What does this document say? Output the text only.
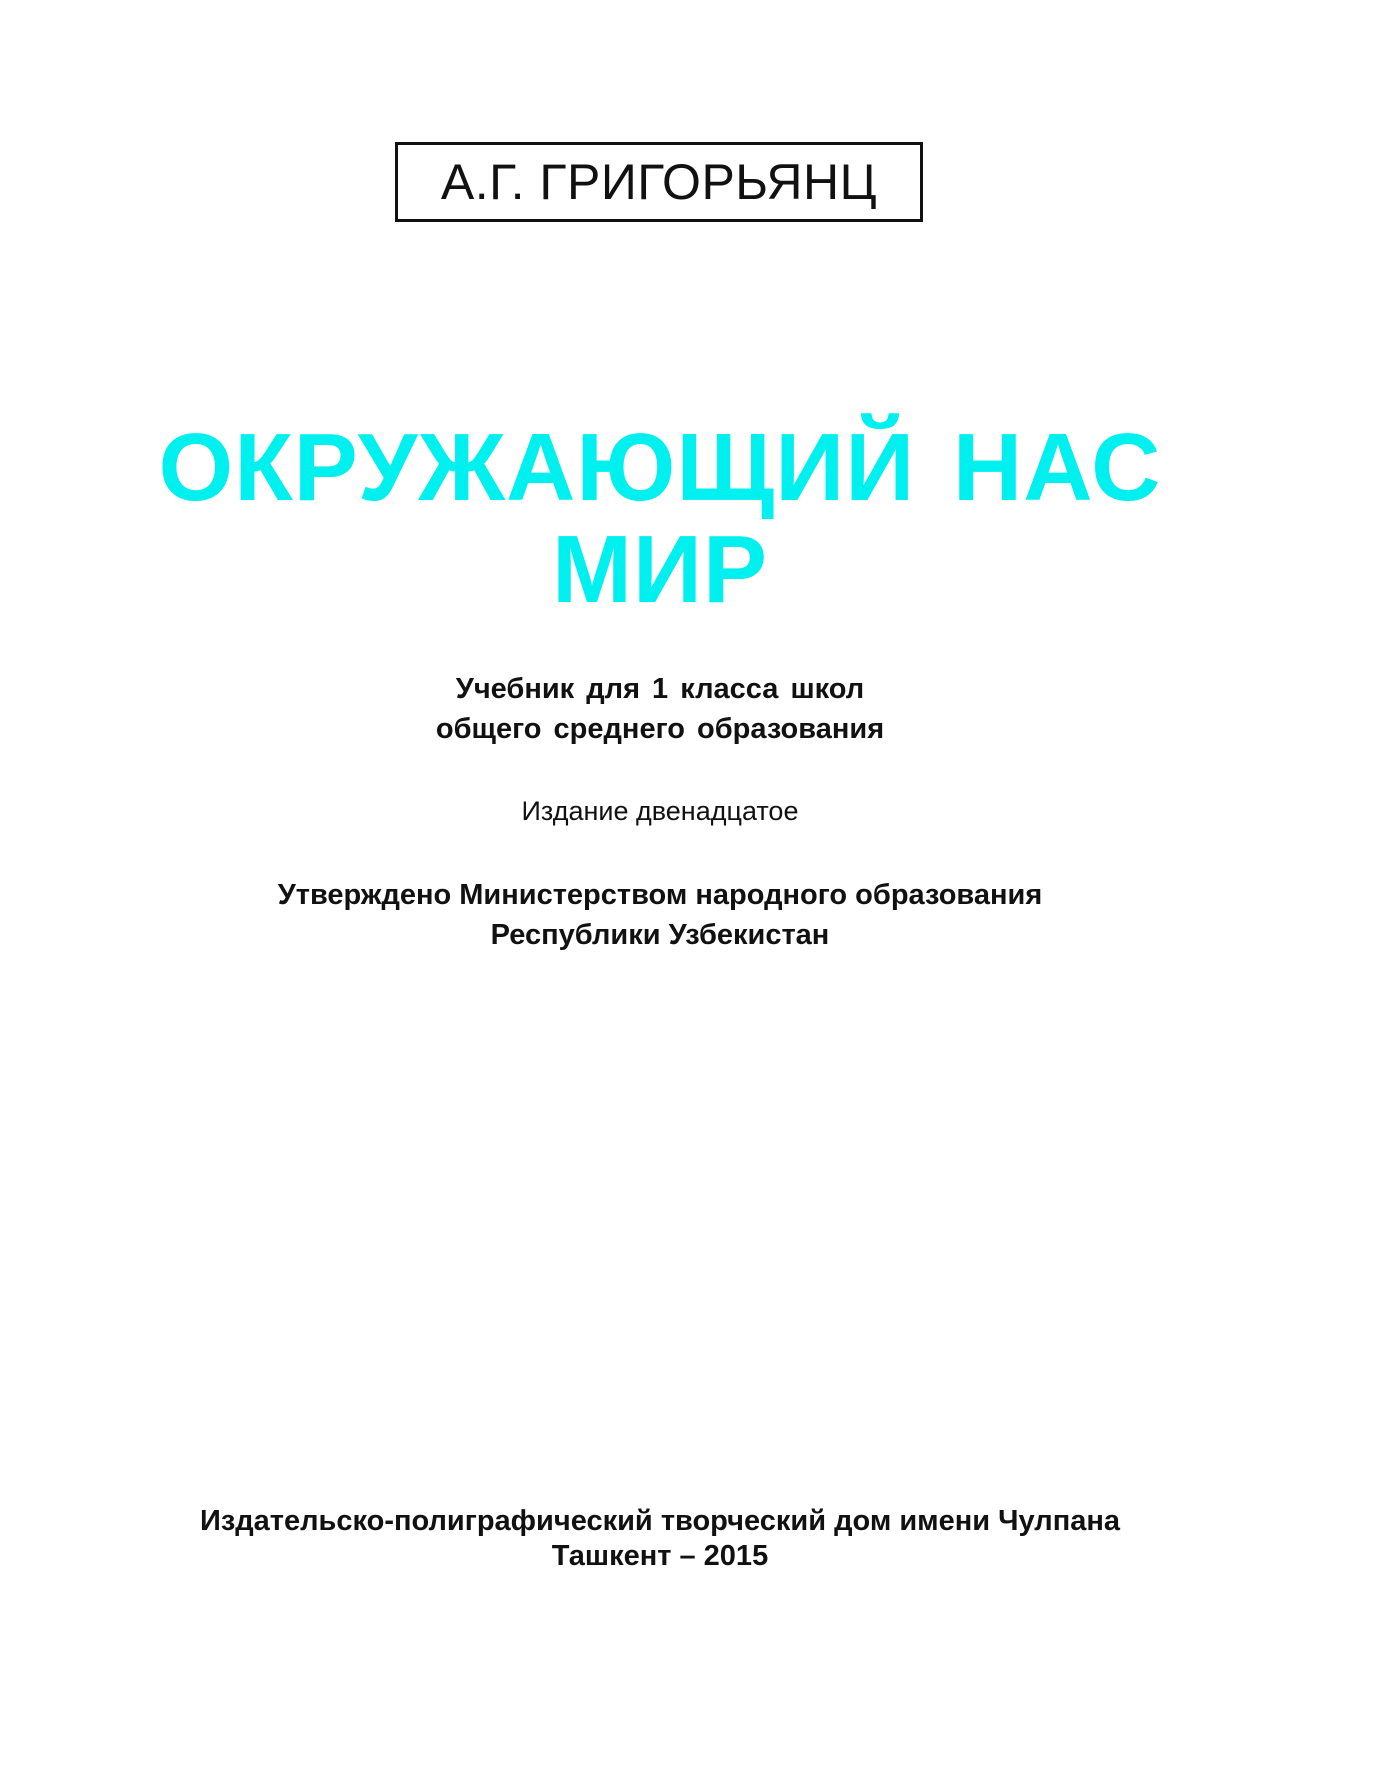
А.Г. ГРИГОРЬЯНЦ
ОКРУЖАЮЩИЙ НАС
МИР
Учебник для 1 класса школ
общего среднего образования
Издание двенадцатое
Утверждено Министерством народного образования
Республики Узбекистан
Издательско-полиграфический творческий дом имени Чулпана
Ташкент – 2015
